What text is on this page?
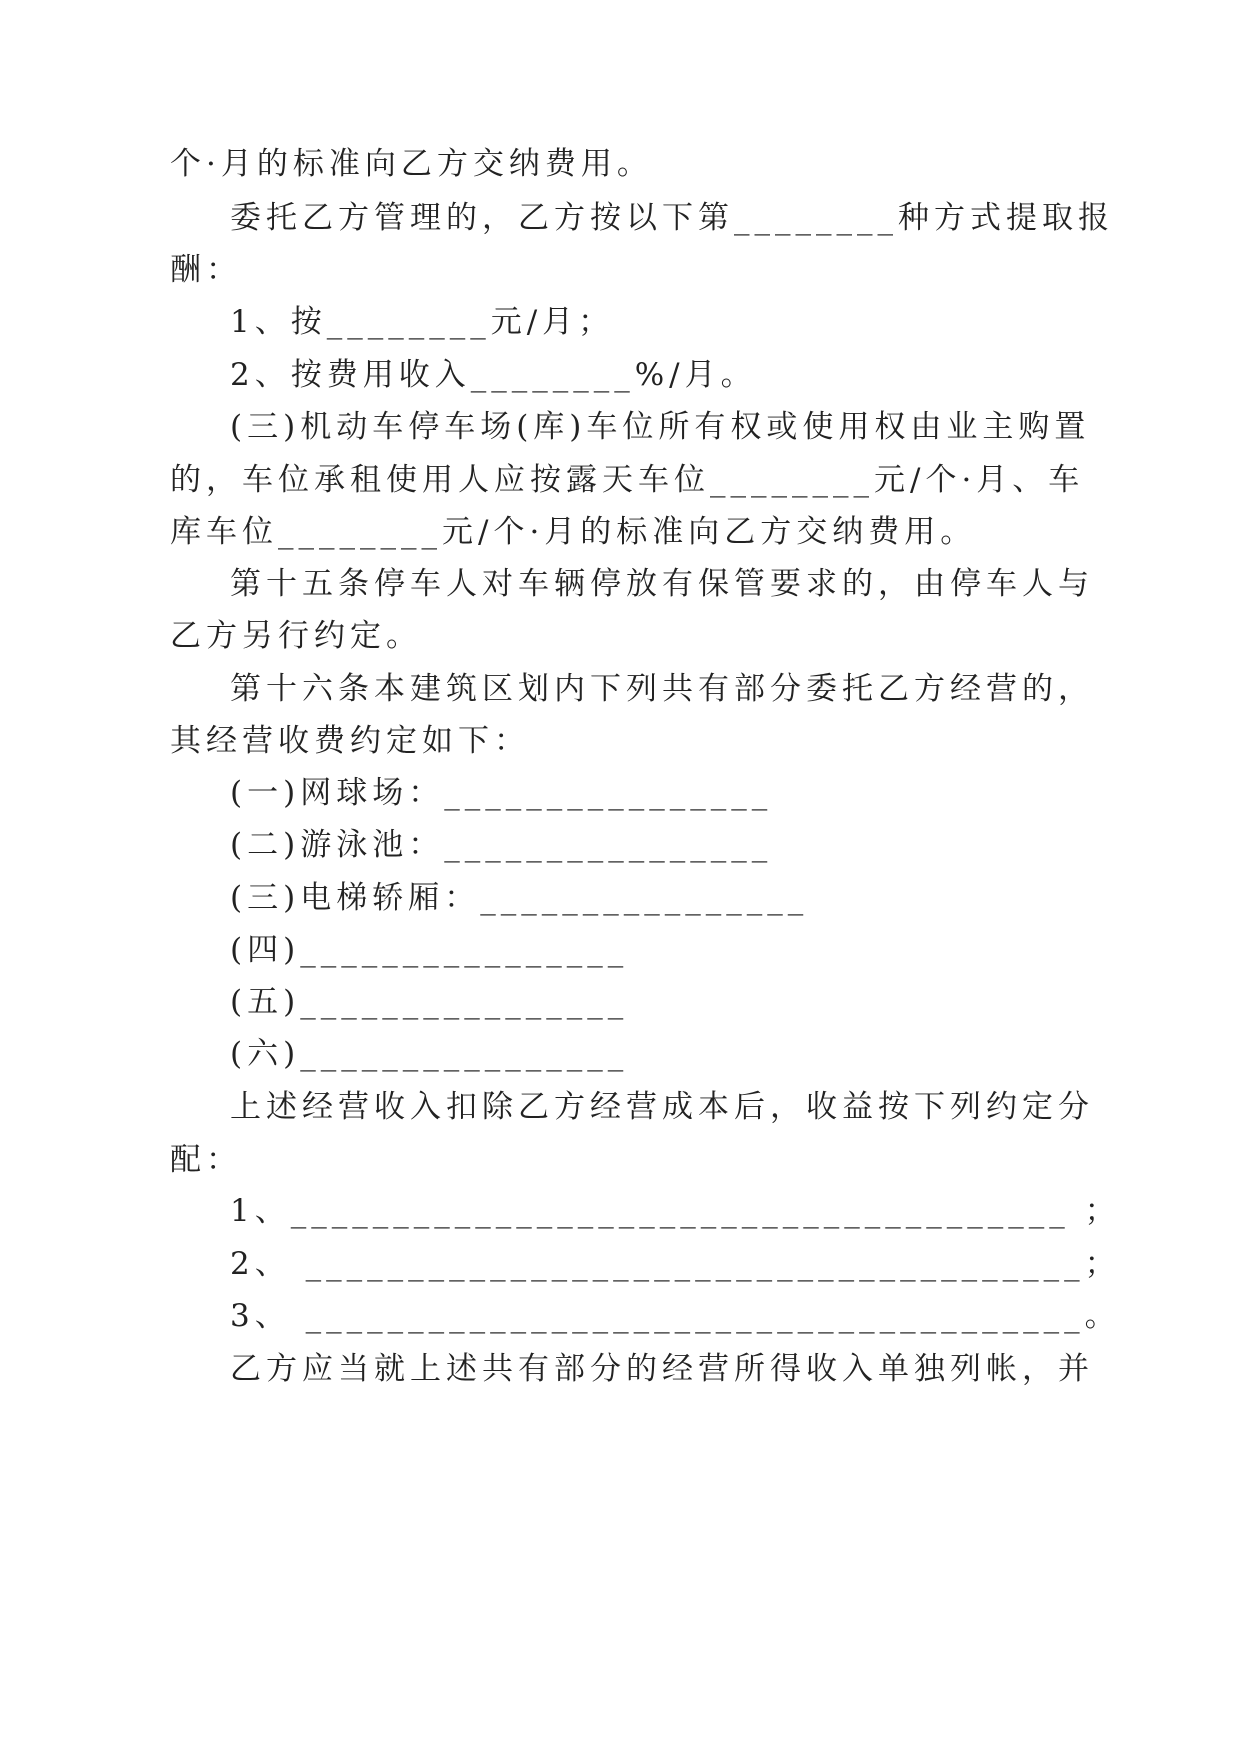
个·月的标准向乙方交纳费用。
委托乙方管理的，乙方按以下第________种方式提取报
酬：
1、按________元/月；
2、按费用收入________%/月。
(三)机动车停车场(库)车位所有权或使用权由业主购置
的，车位承租使用人应按露天车位________元/个·月、车
库车位________元/个·月的标准向乙方交纳费用。
第十五条停车人对车辆停放有保管要求的，由停车人与
乙方另行约定。
第十六条本建筑区划内下列共有部分委托乙方经营的，
其经营收费约定如下：
(一)网球场：________________
(二)游泳池：________________
(三)电梯轿厢：________________
(四)________________
(五)________________
(六)________________
上述经营收入扣除乙方经营成本后，收益按下列约定分
配：
1、______________________________________ ；
2、 ______________________________________；
3、 ______________________________________。
乙方应当就上述共有部分的经营所得收入单独列帐，并
